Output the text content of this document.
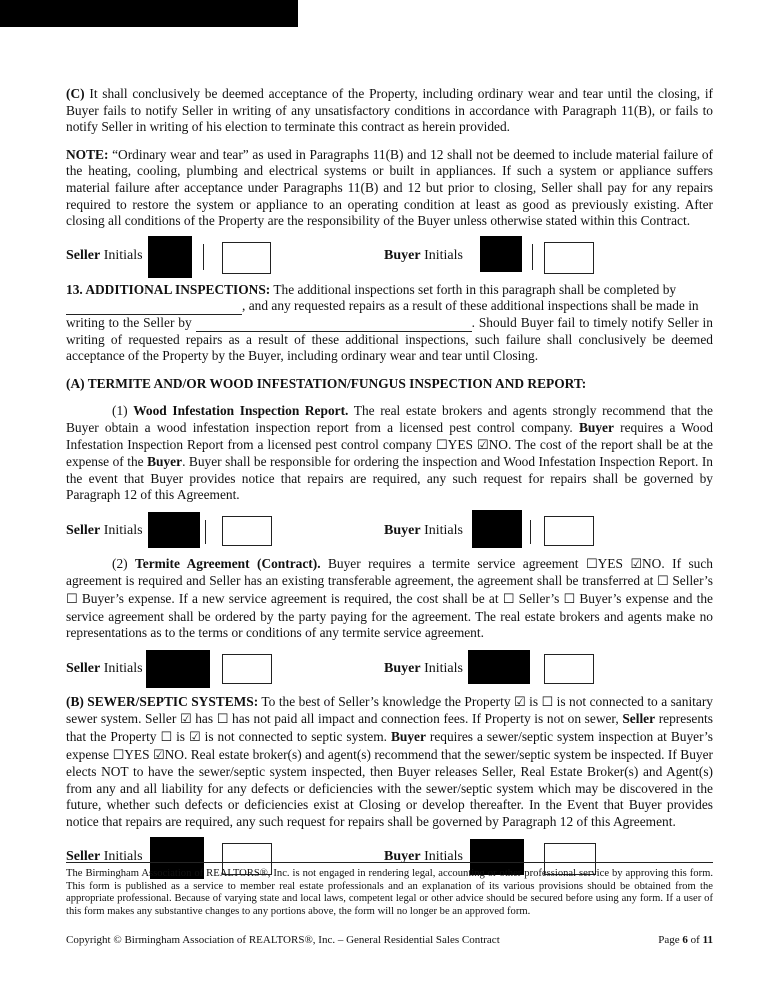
(C) It shall conclusively be deemed acceptance of the Property, including ordinary wear and tear until the closing, if Buyer fails to notify Seller in writing of any unsatisfactory conditions in accordance with Paragraph 11(B), or fails to notify Seller in writing of his election to terminate this contract as herein provided.

NOTE: “Ordinary wear and tear” as used in Paragraphs 11(B) and 12 shall not be deemed to include material failure of the heating, cooling, plumbing and electrical systems or built in appliances. If such a system or appliance suffers material failure after acceptance under Paragraphs 11(B) and 12 but prior to closing, Seller shall pay for any repairs required to restore the system or appliance to an operating condition at least as good as previously existing. After closing all conditions of the Property are the responsibility of the Buyer unless otherwise stated within this Contract.

Seller Initials	Buyer Initials

13. ADDITIONAL INSPECTIONS: The additional inspections set forth in this paragraph shall be completed by
, and any requested repairs as a result of these additional inspections shall be made in
writing to the Seller by	. Should Buyer fail to timely notify Seller in writing of requested repairs as a result of these additional inspections, such failure shall conclusively be deemed acceptance of the Property by the Buyer, including ordinary wear and tear until Closing.

(A) TERMITE AND/OR WOOD INFESTATION/FUNGUS INSPECTION AND REPORT:

(1) Wood Infestation Inspection Report. The real estate brokers and agents strongly recommend that the Buyer obtain a wood infestation inspection report from a licensed pest control company. Buyer requires a Wood Infestation Inspection Report from a licensed pest control company ☐YES ☑NO. The cost of the report shall be at the expense of the Buyer. Buyer shall be responsible for ordering the inspection and Wood Infestation Inspection Report. In the event that Buyer provides notice that repairs are required, any such request for repairs shall be governed by Paragraph 12 of this Agreement.

Seller Initials	Buyer Initials

(2) Termite Agreement (Contract). Buyer requires a termite service agreement ☐YES ☑NO. If such agreement is required and Seller has an existing transferable agreement, the agreement shall be transferred at ☐ Seller’s ☐ Buyer’s expense. If a new service agreement is required, the cost shall be at ☐ Seller’s ☐ Buyer’s expense and the service agreement shall be ordered by the party paying for the agreement. The real estate brokers and agents make no representations as to the terms or conditions of any termite service agreement.

Seller Initials	Buyer Initials

(B) SEWER/SEPTIC SYSTEMS: To the best of Seller’s knowledge the Property ☑ is ☐ is not connected to a sanitary sewer system. Seller ☑ has ☐ has not paid all impact and connection fees. If Property is not on sewer, Seller represents that the Property ☐ is ☑ is not connected to septic system. Buyer requires a sewer/septic system inspection at Buyer’s expense ☐YES ☑NO. Real estate broker(s) and agent(s) recommend that the sewer/septic system be inspected. If Buyer elects NOT to have the sewer/septic system inspected, then Buyer releases Seller, Real Estate Broker(s) and Agent(s) from any and all liability for any defects or deficiencies with the sewer/septic system which may be discovered in the future, whether such defects or deficiencies exist at Closing or develop thereafter. In the Event that Buyer provides notice that repairs are required, any such request for repairs shall be governed by Paragraph 12 of this Agreement.

Seller Initials	Buyer Initials
The Birmingham Association of REALTORS®, Inc. is not engaged in rendering legal, accounting or other professional service by approving this form. This form is published as a service to member real estate professionals and an explanation of its various provisions should be obtained from the appropriate professional. Because of varying state and local laws, competent legal or other advice should be secured before using any form. If a user of this form makes any substantive changes to any portions above, the form will no longer be an approved form.
Copyright © Birmingham Association of REALTORS®, Inc. – General Residential Sales Contract	Page 6 of 11
